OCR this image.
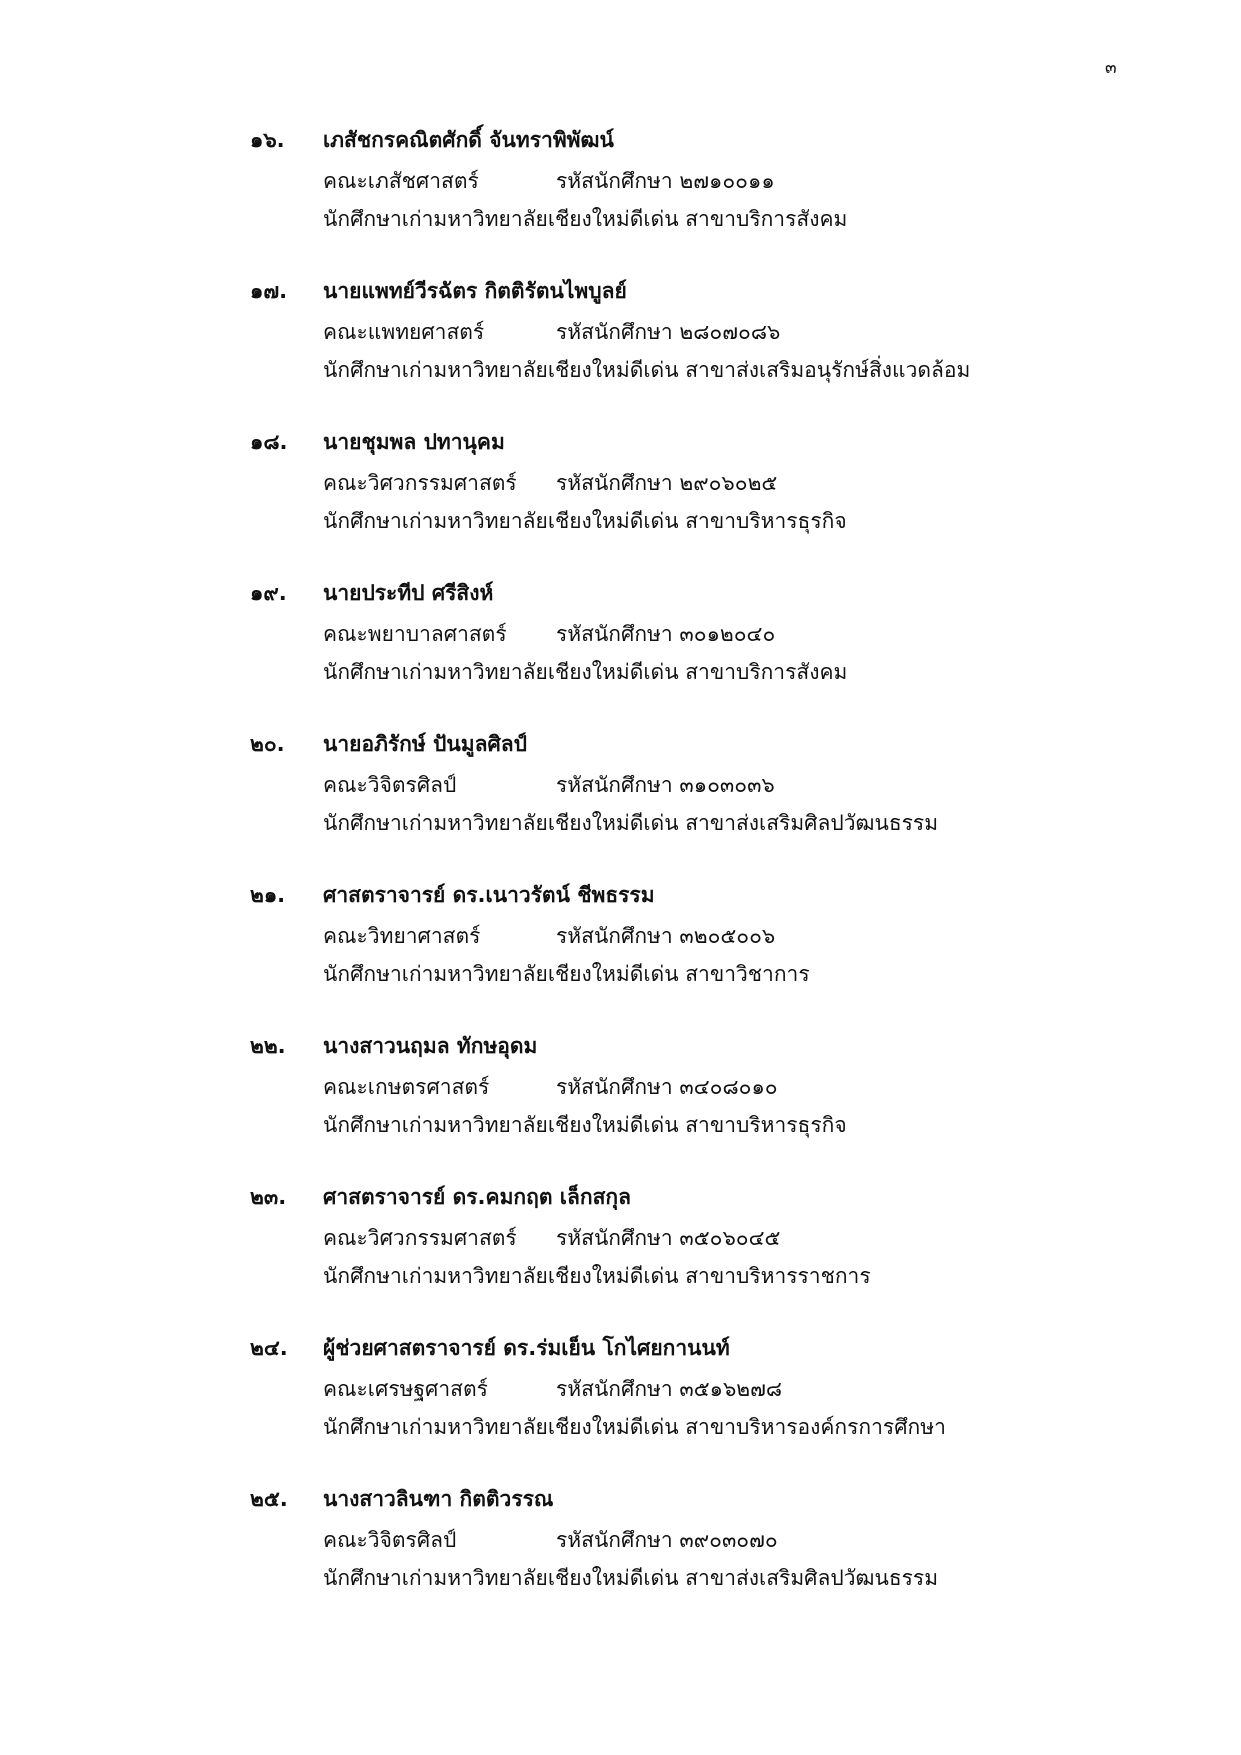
๓
๑๖. เภสัชกรคณิตศักดิ์ จันทราพิพัฒน์
คณะเภสัชศาสตร์	รหัสนักศึกษา ๒๗๑๐๐๑๑
นักศึกษาเก่ามหาวิทยาลัยเชียงใหม่ดีเด่น สาขาบริการสังคม
๑๗. นายแพทย์วีรฉัตร กิตติรัตนไพบูลย์
คณะแพทยศาสตร์	รหัสนักศึกษา ๒๘๐๗๐๘๖
นักศึกษาเก่ามหาวิทยาลัยเชียงใหม่ดีเด่น สาขาส่งเสริมอนุรักษ์สิ่งแวดล้อม
๑๘. นายชุมพล ปทานุคม
คณะวิศวกรรมศาสตร์ รหัสนักศึกษา ๒๙๐๖๐๒๕
นักศึกษาเก่ามหาวิทยาลัยเชียงใหม่ดีเด่น สาขาบริหารธุรกิจ
๑๙. นายประทีป ศรีสิงห์
คณะพยาบาลศาสตร์ รหัสนักศึกษา ๓๐๑๒๐๔๐
นักศึกษาเก่ามหาวิทยาลัยเชียงใหม่ดีเด่น สาขาบริการสังคม
๒๐. นายอภิรักษ์ ปันมูลศิลป์
คณะวิจิตรศิลป์	รหัสนักศึกษา ๓๑๐๓๐๓๖
นักศึกษาเก่ามหาวิทยาลัยเชียงใหม่ดีเด่น สาขาส่งเสริมศิลปวัฒนธรรม
๒๑. ศาสตราจารย์ ดร.เนาวรัตน์ ชีพธรรม
คณะวิทยาศาสตร์	รหัสนักศึกษา ๓๒๐๕๐๐๖
นักศึกษาเก่ามหาวิทยาลัยเชียงใหม่ดีเด่น สาขาวิชาการ
๒๒. นางสาวนฤมล ทักษอุดม
คณะเกษตรศาสตร์	รหัสนักศึกษา ๓๔๐๘๐๑๐
นักศึกษาเก่ามหาวิทยาลัยเชียงใหม่ดีเด่น สาขาบริหารธุรกิจ
๒๓. ศาสตราจารย์ ดร.คมกฤต เล็กสกุล
คณะวิศวกรรมศาสตร์ รหัสนักศึกษา ๓๕๐๖๐๔๕
นักศึกษาเก่ามหาวิทยาลัยเชียงใหม่ดีเด่น สาขาบริหารราชการ
๒๔. ผู้ช่วยศาสตราจารย์ ดร.ร่มเย็น โกไศยกานนท์
คณะเศรษฐศาสตร์	รหัสนักศึกษา ๓๕๑๖๒๗๘
นักศึกษาเก่ามหาวิทยาลัยเชียงใหม่ดีเด่น สาขาบริหารองค์กรการศึกษา
๒๕. นางสาวลินฑา กิตติวรรณ
คณะวิจิตรศิลป์	รหัสนักศึกษา ๓๙๐๓๐๗๐
นักศึกษาเก่ามหาวิทยาลัยเชียงใหม่ดีเด่น สาขาส่งเสริมศิลปวัฒนธรรม
